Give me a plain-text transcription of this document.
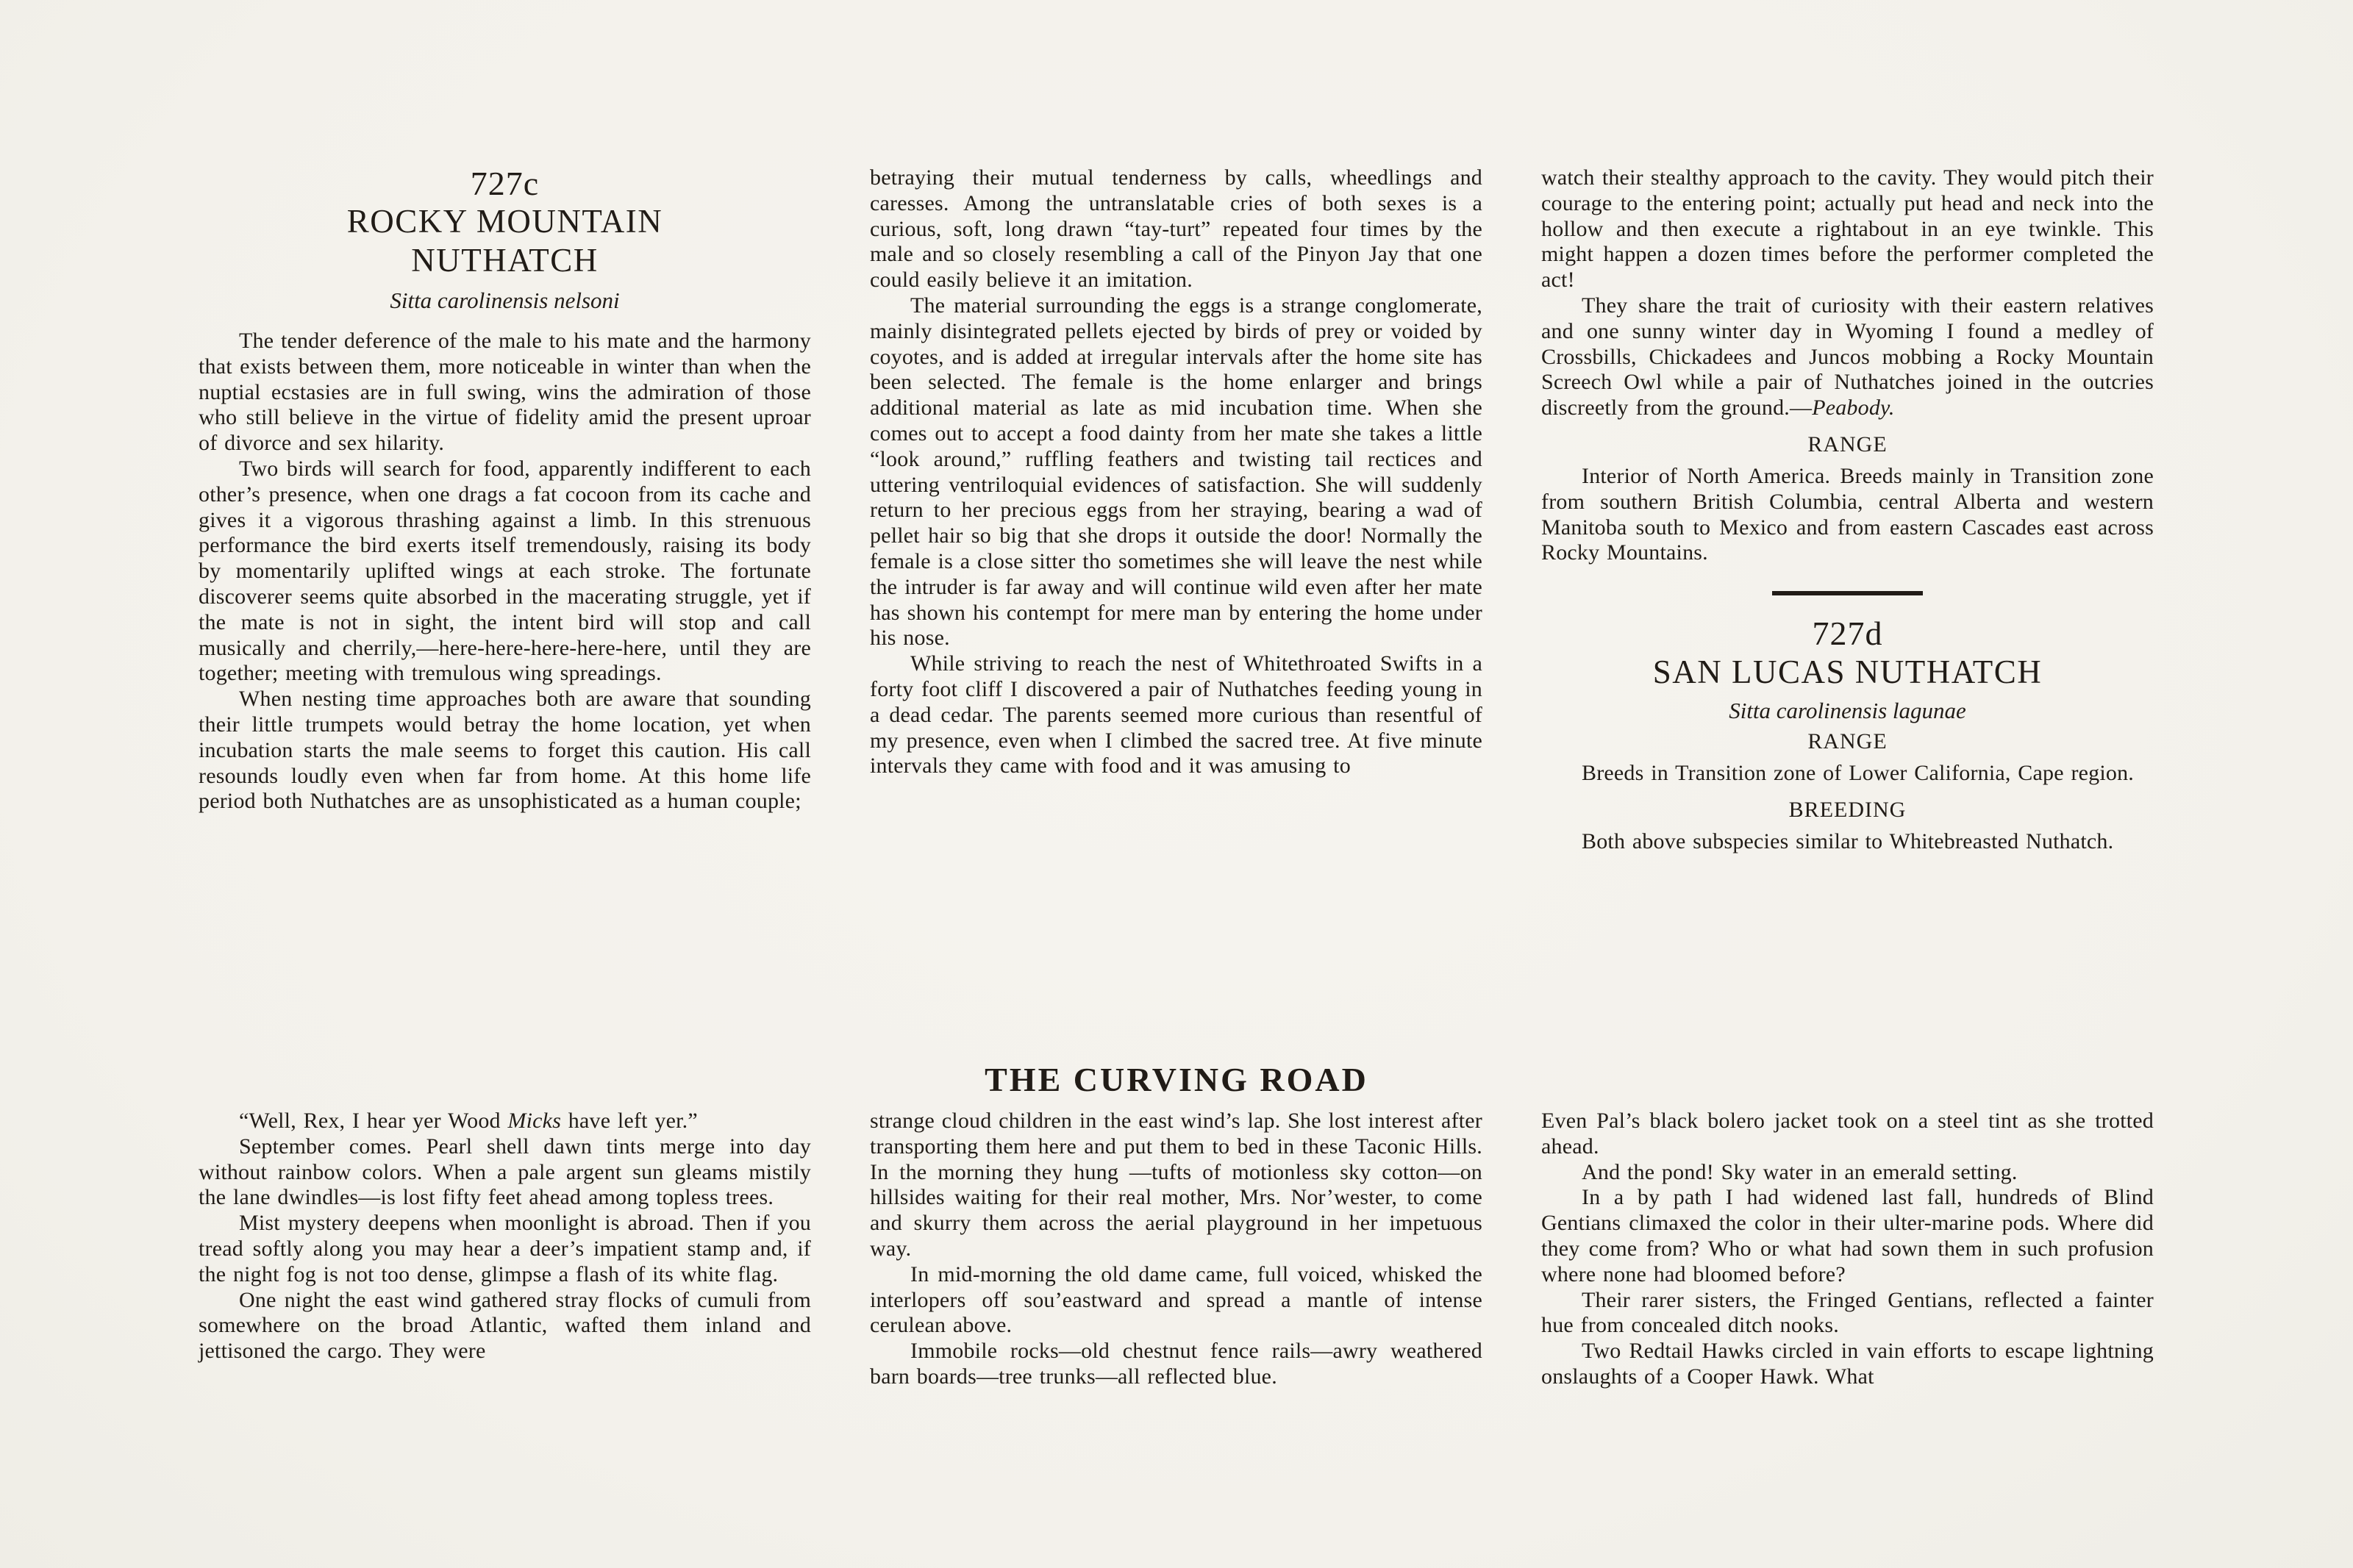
727c
ROCKY MOUNTAIN
NUTHATCH
Sitta carolinensis nelsoni

The tender deference of the male to his mate and the harmony that exists between them, more noticeable in winter than when the nuptial ecstasies are in full swing, wins the admiration of those who still believe in the virtue of fidelity amid the present uproar of divorce and sex hilarity.

Two birds will search for food, apparently indifferent to each other’s presence, when one drags a fat cocoon from its cache and gives it a vigorous thrashing against a limb. In this strenuous performance the bird exerts itself tremendously, raising its body by momentarily uplifted wings at each stroke. The fortunate discoverer seems quite absorbed in the macerating struggle, yet if the mate is not in sight, the intent bird will stop and call musically and cherrily,—here-here-here-here-here, until they are together; meeting with tremulous wing spreadings.

When nesting time approaches both are aware that sounding their little trumpets would betray the home location, yet when incubation starts the male seems to forget this caution. His call resounds loudly even when far from home. At this home life period both Nuthatches are as unsophisticated as a human couple;

betraying their mutual tenderness by calls, wheedlings and caresses. Among the untranslatable cries of both sexes is a curious, soft, long drawn “tay-turt” repeated four times by the male and so closely resembling a call of the Pinyon Jay that one could easily believe it an imitation.

The material surrounding the eggs is a strange conglomerate, mainly disintegrated pellets ejected by birds of prey or voided by coyotes, and is added at irregular intervals after the home site has been selected. The female is the home enlarger and brings additional material as late as mid incubation time. When she comes out to accept a food dainty from her mate she takes a little “look around,” ruffling feathers and twisting tail rectices and uttering ventriloquial evidences of satisfaction. She will suddenly return to her precious eggs from her straying, bearing a wad of pellet hair so big that she drops it outside the door! Normally the female is a close sitter tho sometimes she will leave the nest while the intruder is far away and will continue wild even after her mate has shown his contempt for mere man by entering the home under his nose.

While striving to reach the nest of Whitethroated Swifts in a forty foot cliff I discovered a pair of Nuthatches feeding young in a dead cedar. The parents seemed more curious than resentful of my presence, even when I climbed the sacred tree. At five minute intervals they came with food and it was amusing to

watch their stealthy approach to the cavity. They would pitch their courage to the entering point; actually put head and neck into the hollow and then execute a rightabout in an eye twinkle. This might happen a dozen times before the performer completed the act!

They share the trait of curiosity with their eastern relatives and one sunny winter day in Wyoming I found a medley of Crossbills, Chickadees and Juncos mobbing a Rocky Mountain Screech Owl while a pair of Nuthatches joined in the outcries discreetly from the ground.—Peabody.

RANGE

Interior of North America. Breeds mainly in Transition zone from southern British Columbia, central Alberta and western Manitoba south to Mexico and from eastern Cascades east across Rocky Mountains.

727d
SAN LUCAS NUTHATCH
Sitta carolinensis lagunae
RANGE

Breeds in Transition zone of Lower California, Cape region.

BREEDING

Both above subspecies similar to Whitebreasted Nuthatch.

THE CURVING ROAD

“Well, Rex, I hear yer Wood Micks have left yer.”

September comes. Pearl shell dawn tints merge into day without rainbow colors. When a pale argent sun gleams mistily the lane dwindles—is lost fifty feet ahead among topless trees.

Mist mystery deepens when moonlight is abroad. Then if you tread softly along you may hear a deer’s impatient stamp and, if the night fog is not too dense, glimpse a flash of its white flag.

One night the east wind gathered stray flocks of cumuli from somewhere on the broad Atlantic, wafted them inland and jettisoned the cargo. They were

strange cloud children in the east wind’s lap. She lost interest after transporting them here and put them to bed in these Taconic Hills. In the morning they hung —tufts of motionless sky cotton—on hillsides waiting for their real mother, Mrs. Nor’wester, to come and skurry them across the aerial playground in her impetuous way.

In mid-morning the old dame came, full voiced, whisked the interlopers off sou’eastward and spread a mantle of intense cerulean above.

Immobile rocks—old chestnut fence rails—awry weathered barn boards—tree trunks—all reflected blue.

Even Pal’s black bolero jacket took on a steel tint as she trotted ahead.

And the pond! Sky water in an emerald setting.

In a by path I had widened last fall, hundreds of Blind Gentians climaxed the color in their ulter-marine pods. Where did they come from? Who or what had sown them in such profusion where none had bloomed before?

Their rarer sisters, the Fringed Gentians, reflected a fainter hue from concealed ditch nooks.

Two Redtail Hawks circled in vain efforts to escape lightning onslaughts of a Cooper Hawk. What
